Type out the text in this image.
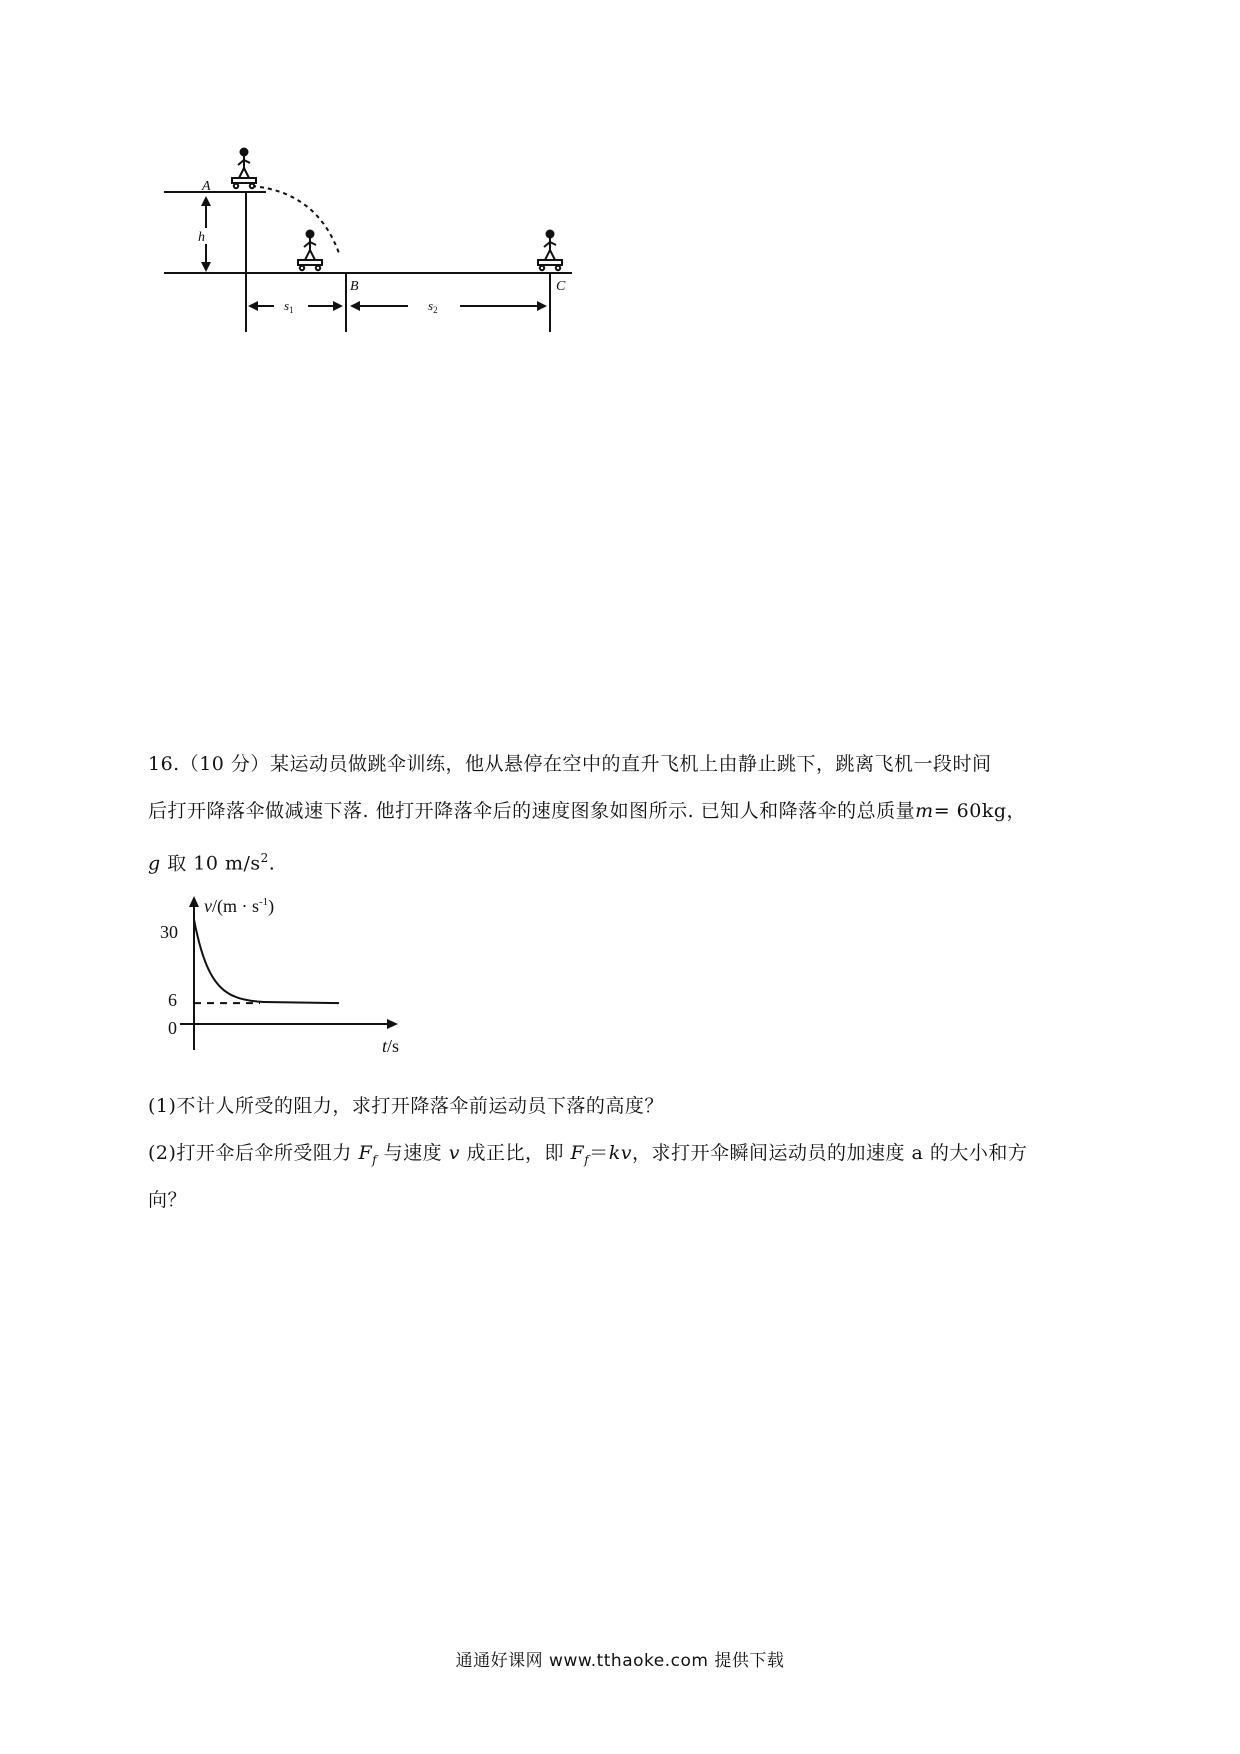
h
A
B	C
$s_1$	$s_2$
16.（10 分）某运动员做跳伞训练，他从悬停在空中的直升飞机上由静止跳下，跳离飞机一段时间
后打开降落伞做减速下落. 他打开降落伞后的速度图象如图所示. 已知人和降落伞的总质量m= 60kg，
g 取 10 $m/s^2$.
$v/(m \cdot s^{-1})$
t/s
0
30
6
(1)不计人所受的阻力，求打开降落伞前运动员下落的高度？
(2)打开伞后伞所受阻力 $F_f$ 与速度 v 成正比，即 $F_f=kv$，求打开伞瞬间运动员的加速度 a 的大小和方
向？
通通好课网 www.tthaoke.com 提供下载
